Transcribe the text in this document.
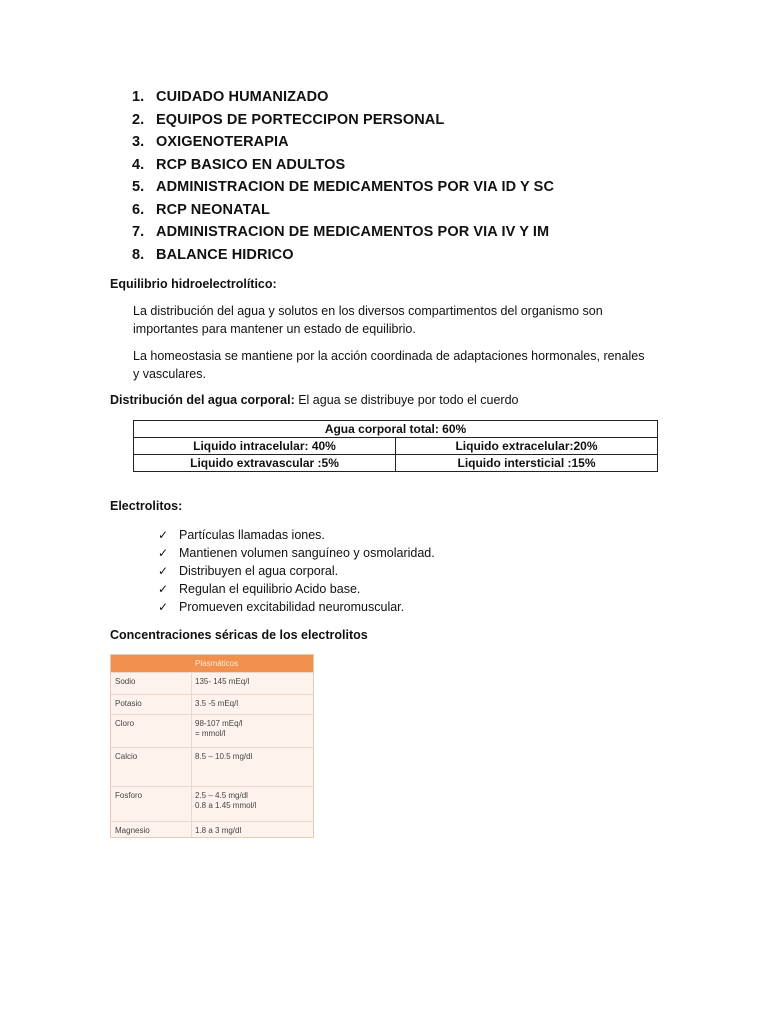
1. CUIDADO HUMANIZADO
2. EQUIPOS DE PORTECCIPON PERSONAL
3. OXIGENOTERAPIA
4. RCP BASICO EN ADULTOS
5. ADMINISTRACION DE MEDICAMENTOS POR VIA ID Y SC
6. RCP NEONATAL
7. ADMINISTRACION DE MEDICAMENTOS POR VIA IV Y IM
8. BALANCE HIDRICO
Equilibrio hidroelectrolítico:
La distribución del agua y solutos en los diversos compartimentos del organismo son importantes para mantener un estado de equilibrio.
La homeostasia se mantiene por la acción coordinada de adaptaciones hormonales, renales y vasculares.
Distribución del agua corporal: El agua se distribuye por todo el cuerdo
Agua corporal total: 60%	
Liquido intracelular: 40%	Liquido extracelular:20%
Liquido extravascular :5%	Liquido intersticial :15%
Electrolitos:
✓ Partículas llamadas iones.
✓ Mantienen volumen sanguíneo y osmolaridad.
✓ Distribuyen el agua corporal.
✓ Regulan el equilibrio Acido base.
✓ Promueven excitabilidad neuromuscular.
Concentraciones séricas de los electrolitos
Plasmáticos
Sodio	135- 145 mEq/l
Potasio	3.5 -5 mEq/l
Cloro	98-107 mEq/l
= mmol/l
Calcio	8.5 – 10.5 mg/dl
Fosforo	2.5 – 4.5 mg/dl
0.8 a 1.45 mmol/l
Magnesio	1.8 a 3 mg/dl
